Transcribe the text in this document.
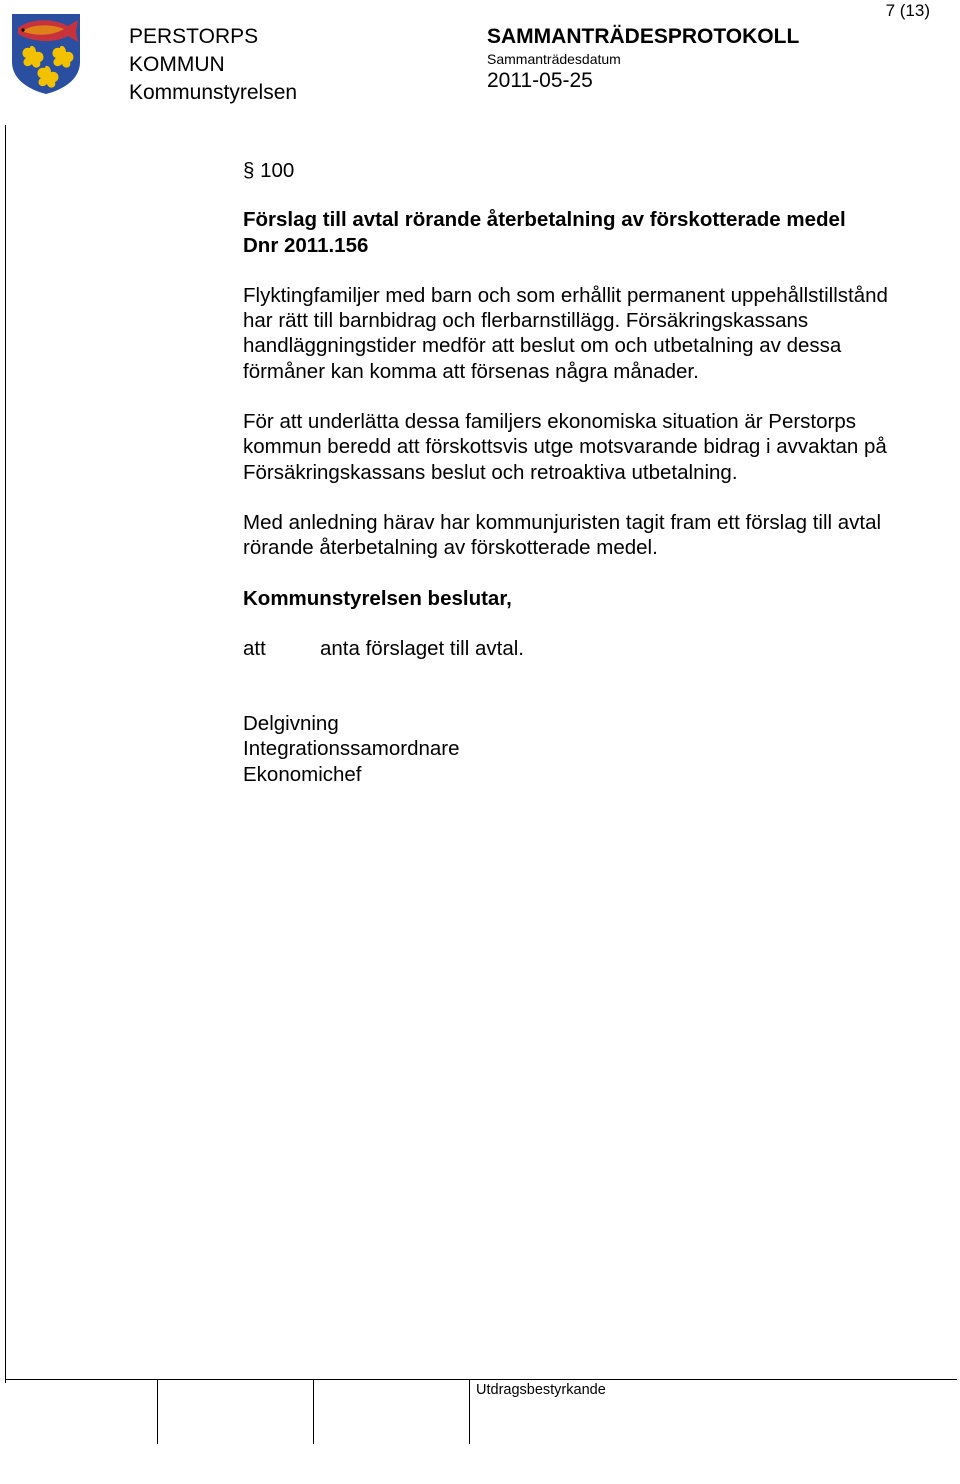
PERSTORPS
KOMMUN
Kommunstyrelsen
SAMMANTRÄDESPROTOKOLL
Sammanträdesdatum
2011-05-25
7 (13)
§ 100
Förslag till avtal rörande återbetalning av förskotterade medel
Dnr 2011.156

Flyktingfamiljer med barn och som erhållit permanent uppehållstillstånd har rätt till barnbidrag och flerbarnstillägg. Försäkringskassans handläggningstider medför att beslut om och utbetalning av dessa förmåner kan komma att försenas några månader.

För att underlätta dessa familjers ekonomiska situation är Perstorps kommun beredd att förskottsvis utge motsvarande bidrag i avvaktan på Försäkringskassans beslut och retroaktiva utbetalning.

Med anledning härav har kommunjuristen tagit fram ett förslag till avtal rörande återbetalning av förskotterade medel.

Kommunstyrelsen beslutar,
att	anta förslaget till avtal.
Delgivning
Integrationssamordnare
Ekonomichef
Utdragsbestyrkande
